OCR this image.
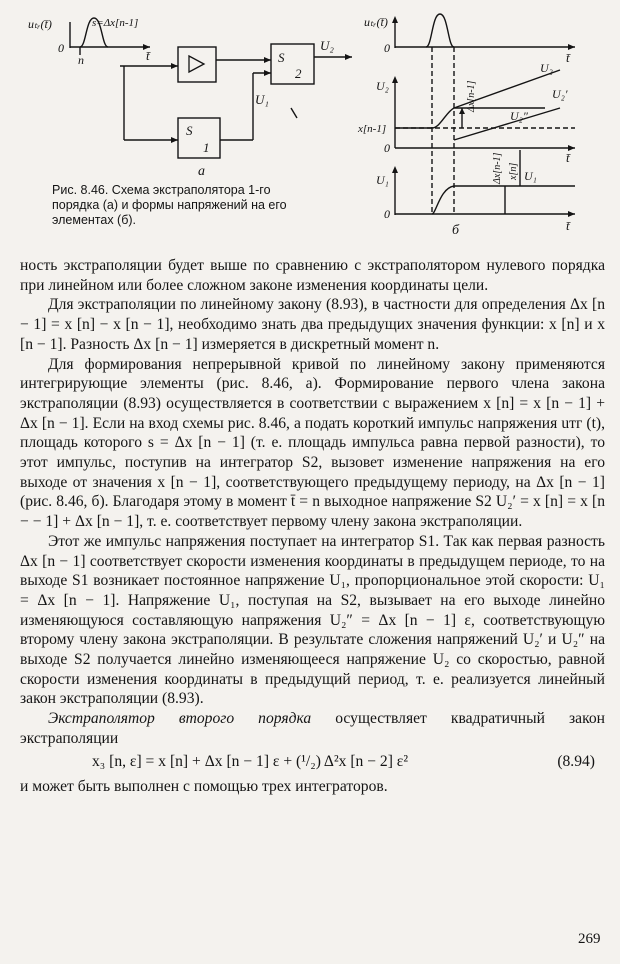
uₜᵣ(t̄)	s=Δx[n-1]
0
n	t̄
S
1
S
2
U₁
U₂
а
uₜᵣ(t̄)
0
t̄
U₂
x[n-1]
0
t̄
U₂
U₂′
U₂″
Δx[n-1]
U₁
0
Δx[n-1] x[n] U₁
t̄
б

Рис. 8.46. Схема экстраполятора 1-го порядка (а) и формы напряжений на его элементах (б).

ность экстраполяции будет выше по сравнению с экстраполятором нулевого порядка при линейном или более сложном законе изменения координаты цели.

Для экстраполяции по линейному закону (8.93), в частности для определения Δx [n − 1] = x [n] − x [n − 1], необходимо знать два предыдущих значения функции: x [n] и x [n − 1]. Разность Δx [n − 1] измеряется в дискретный момент n.

Для формирования непрерывной кривой по линейному закону применяются интегрирующие элементы (рис. 8.46, а). Формирование первого члена закона экстраполяции (8.93) осуществляется в соответствии с выражением x [n] = x [n − 1] + Δx [n − 1]. Если на вход схемы рис. 8.46, а подать короткий импульс напряжения uтг (t), площадь которого s = Δx [n − 1] (т. е. площадь импульса равна первой разности), то этот импульс, поступив на интегратор S2, вызовет изменение напряжения на его выходе от значения x [n − 1], соответствующего предыдущему периоду, на Δx [n − 1] (рис. 8.46, б). Благодаря этому в момент t̄ = n выходное напряжение S2 U₂′ = x [n] = x [n − − 1] + Δx [n − 1], т. е. соответствует первому члену закона экстраполяции.

Этот же импульс напряжения поступает на интегратор S1. Так как первая разность Δx [n − 1] соответствует скорости изменения координаты в предыдущем периоде, то на выходе S1 возникает постоянное напряжение U₁, пропорциональное этой скорости: U₁ = Δx [n − 1]. Напряжение U₁, поступая на S2, вызывает на его выходе линейно изменяющуюся составляющую напряжения U₂″ = Δx [n − 1] ε, соответствующую второму члену закона экстраполяции. В результате сложения напряжений U₂′ и U₂″ на выходе S2 получается линейно изменяющееся напряжение U₂ со скоростью, равной скорости изменения координаты в предыдущий период, т. е. реализуется линейный закон экстраполяции (8.93).

Экстраполятор второго порядка осуществляет квадратичный закон экстраполяции

x₃ [n, ε] = x [n] + Δx [n − 1] ε + (¹/₂) Δ²x [n − 2] ε²	(8.94)

и может быть выполнен с помощью трех интеграторов.

269
